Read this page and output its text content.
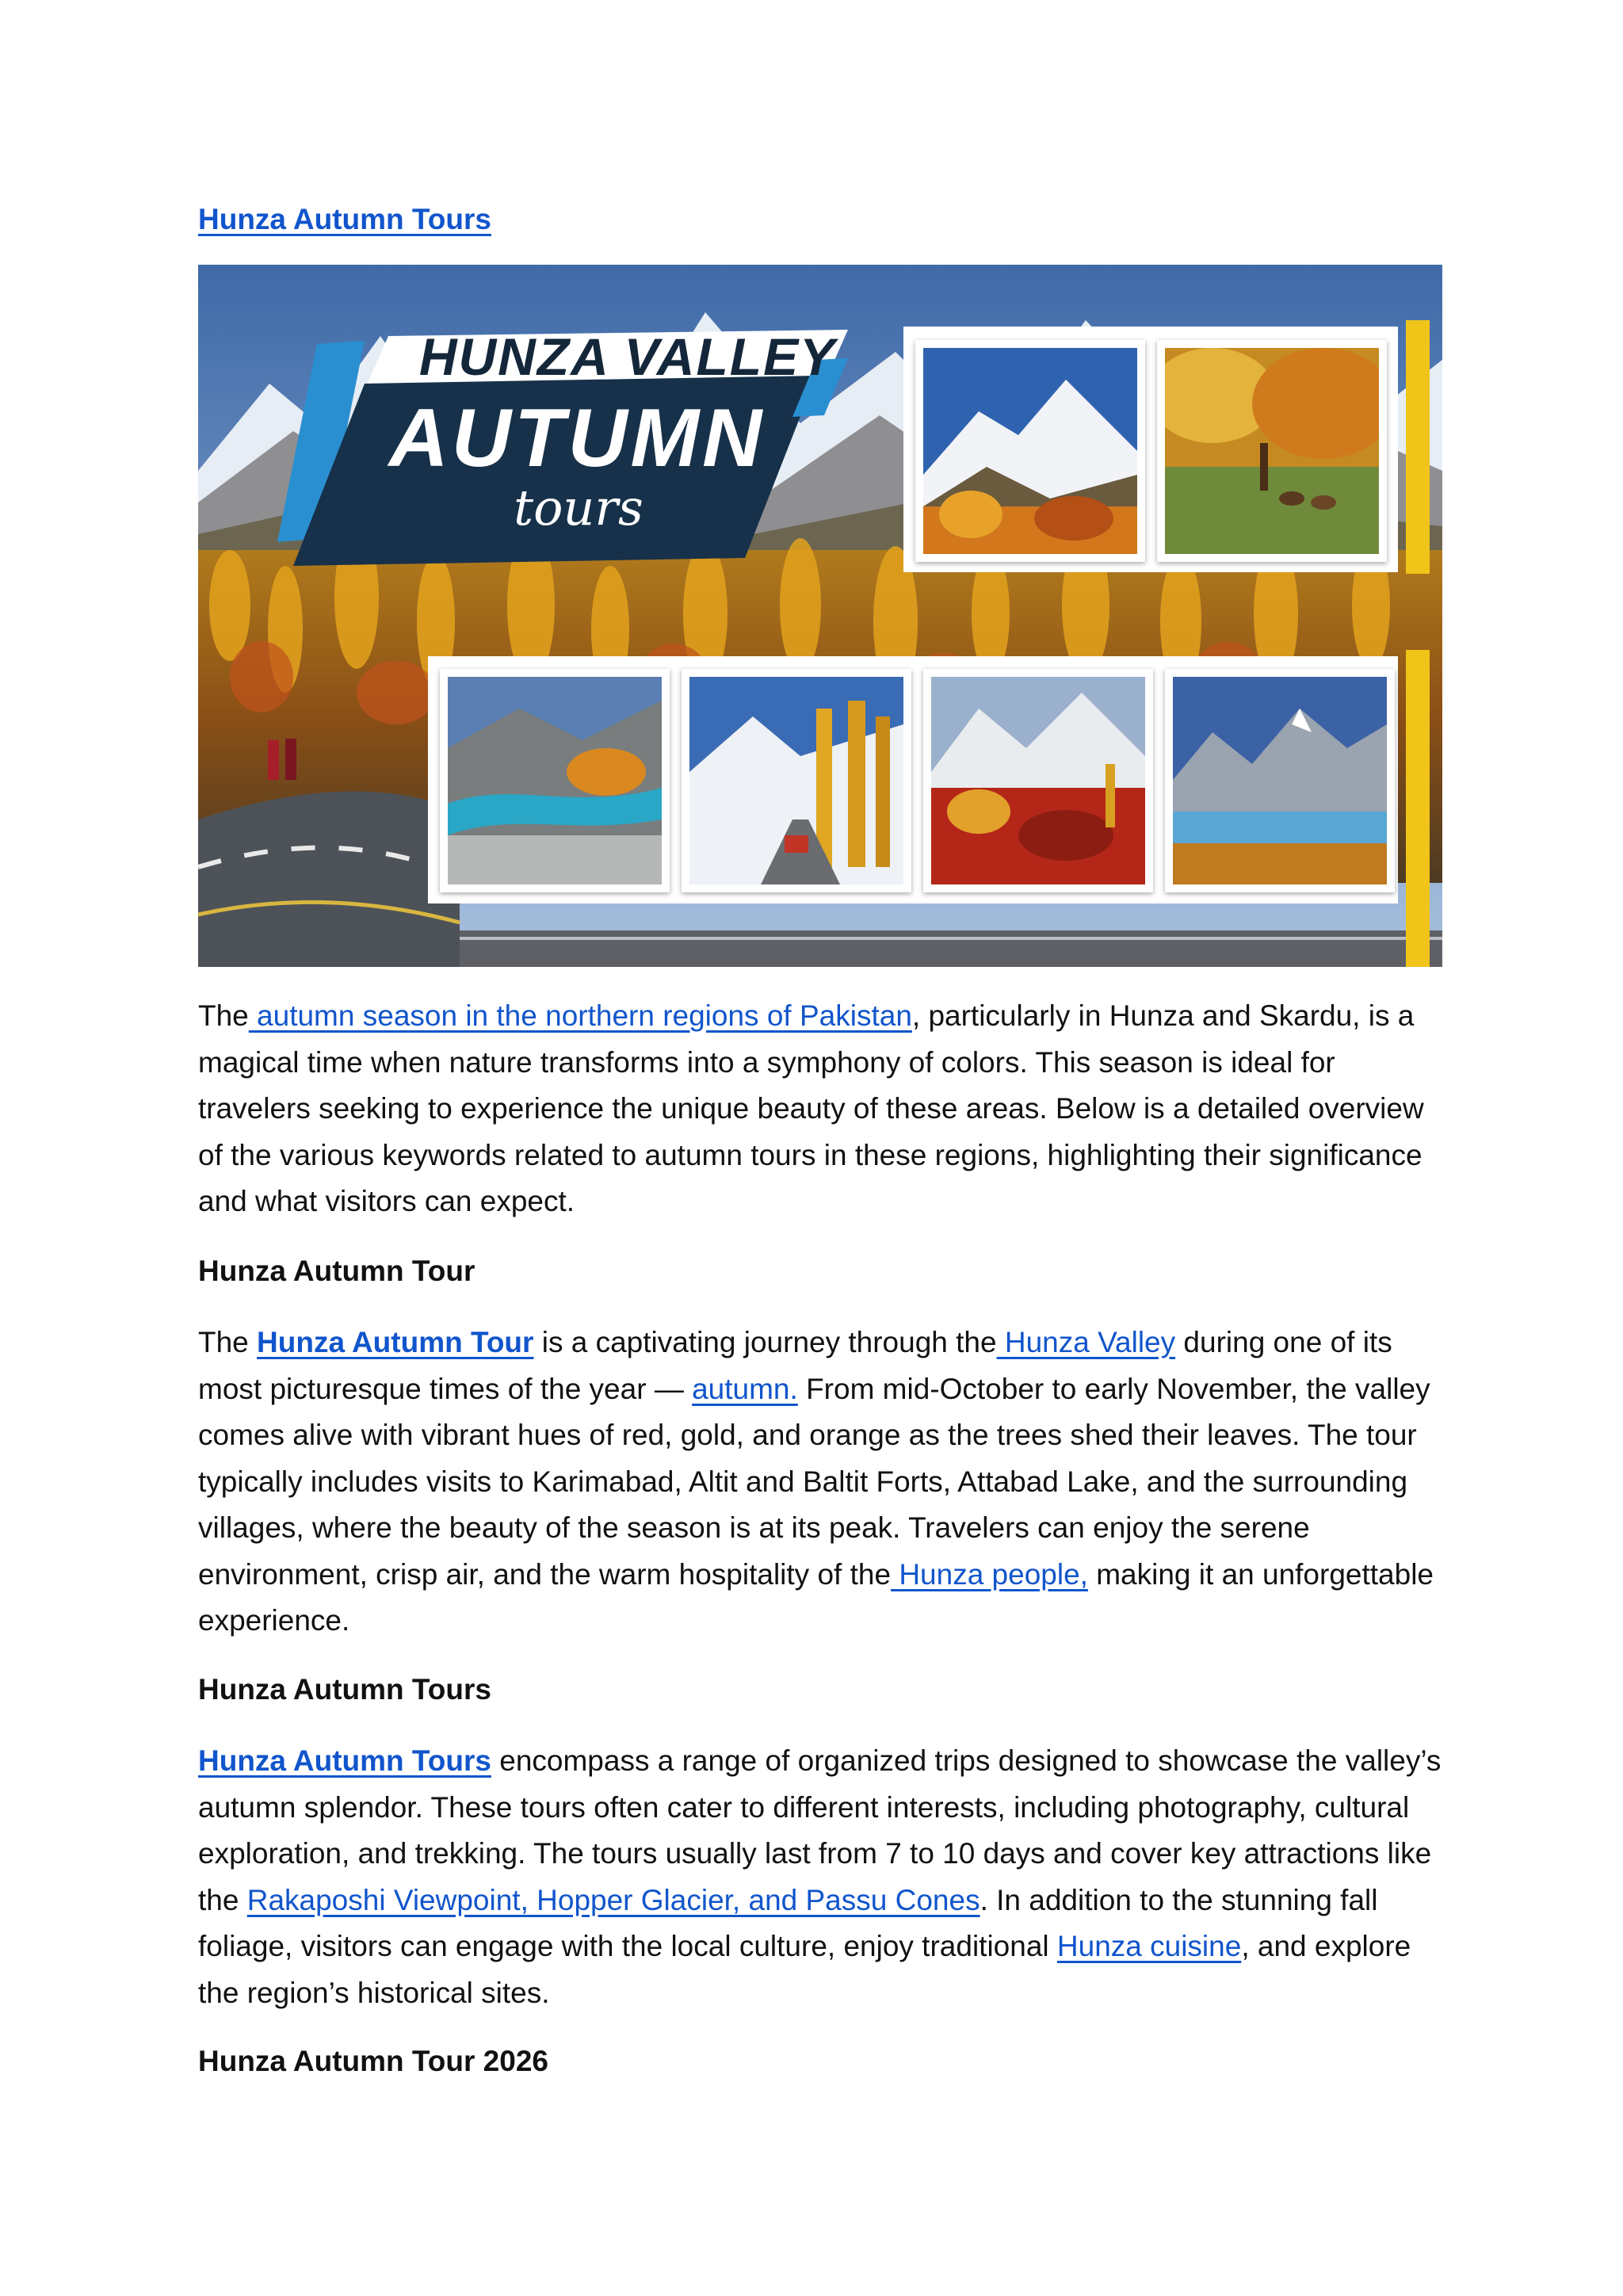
Hunza Autumn Tours
HUNZA VALLEY
AUTUMN
tours
The autumn season in the northern regions of Pakistan, particularly in Hunza and Skardu, is a magical time when nature transforms into a symphony of colors. This season is ideal for travelers seeking to experience the unique beauty of these areas. Below is a detailed overview of the various keywords related to autumn tours in these regions, highlighting their significance and what visitors can expect.
Hunza Autumn Tour
The Hunza Autumn Tour is a captivating journey through the Hunza Valley during one of its most picturesque times of the year — autumn. From mid-October to early November, the valley comes alive with vibrant hues of red, gold, and orange as the trees shed their leaves. The tour typically includes visits to Karimabad, Altit and Baltit Forts, Attabad Lake, and the surrounding villages, where the beauty of the season is at its peak. Travelers can enjoy the serene environment, crisp air, and the warm hospitality of the Hunza people, making it an unforgettable experience.
Hunza Autumn Tours
Hunza Autumn Tours encompass a range of organized trips designed to showcase the valley’s autumn splendor. These tours often cater to different interests, including photography, cultural exploration, and trekking. The tours usually last from 7 to 10 days and cover key attractions like the Rakaposhi Viewpoint, Hopper Glacier, and Passu Cones. In addition to the stunning fall foliage, visitors can engage with the local culture, enjoy traditional Hunza cuisine, and explore the region’s historical sites.
Hunza Autumn Tour 2026
